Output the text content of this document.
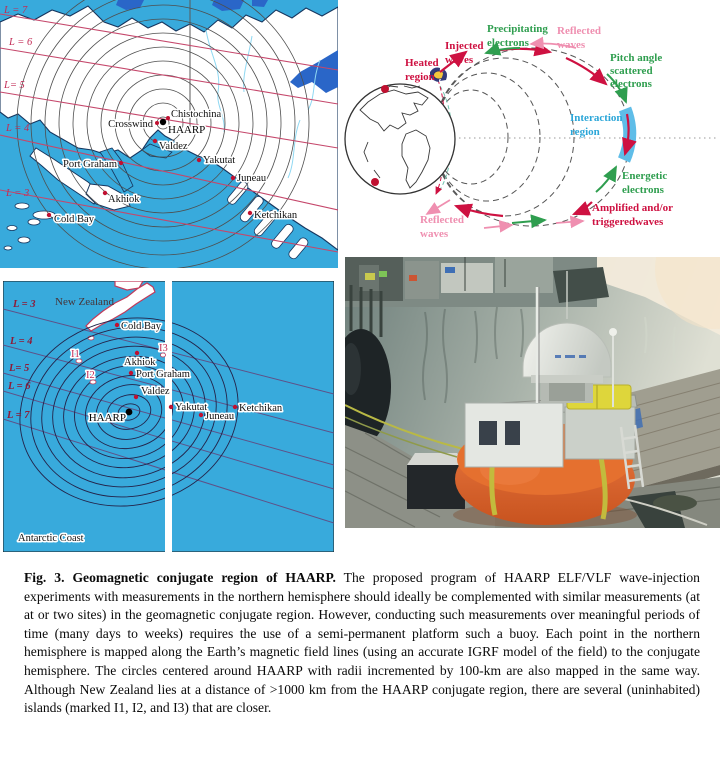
L = 7
L = 6
L= 5
L = 4
L = 3
Chistochina
Crosswind HAARP
Valdez
Port Graham	Yakutat
Juneau
Akhiok
Cold Bay	Ketchikan
Heated region
Injected waves
Precipitating electrons
Reflected waves
Pitch angle scattered electrons
Interaction region
Energetic electrons
Amplified and/or triggeredwaves
Reflected waves
L = 3
L = 4
L= 5
L = 6
L = 7
New Zealand
Antarctic Coast
I1
I2
I3
Cold Bay
Akhiok
Port Graham
Valdez
Yakutat
HAARP	Juneau
Ketchikan
Fig. 3. Geomagnetic conjugate region of HAARP. The proposed program of HAARP ELF/VLF wave-injection experiments with measurements in the northern hemisphere should ideally be complemented with similar measurements (at at or two sites) in the geomagnetic conjugate region. However, conducting such measurements over meaningful periods of time (many days to weeks) requires the use of a semi-permanent platform such a buoy. Each point in the northern hemisphere is mapped along the Earth’s magnetic field lines (using an accurate IGRF model of the field) to the conjugate hemisphere. The circles centered around HAARP with radii incremented by 100-km are also mapped in the same way. Although New Zealand lies at a distance of >1000 km from the HAARP conjugate region, there are several (uninhabited) islands (marked I1, I2, and I3) that are closer.
